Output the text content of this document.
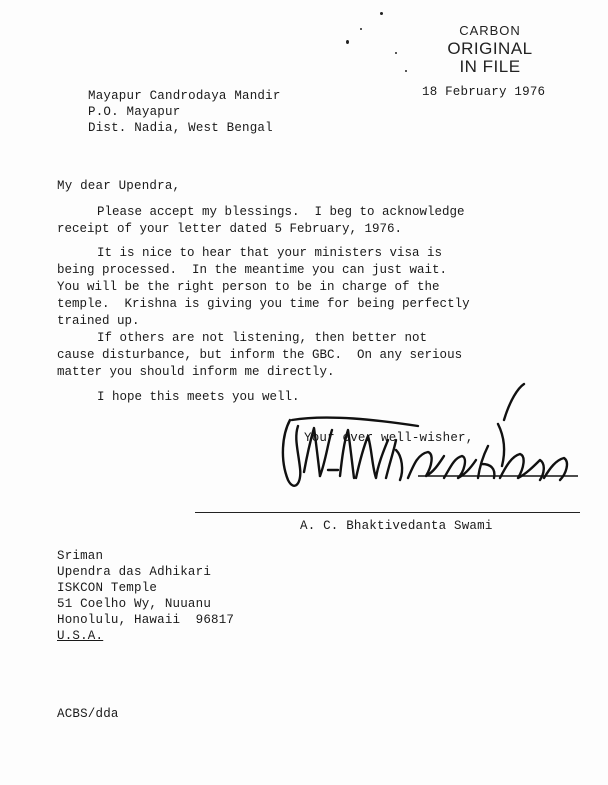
CARBON
ORIGINAL
IN FILE
Mayapur Candrodaya Mandir
P.O. Mayapur
Dist. Nadia, West Bengal
18 February 1976
My dear Upendra,
Please accept my blessings.  I beg to acknowledge
receipt of your letter dated 5 February, 1976.
It is nice to hear that your ministers visa is
being processed.  In the meantime you can just wait.
You will be the right person to be in charge of the
temple.  Krishna is giving you time for being perfectly
trained up.
If others are not listening, then better not
cause disturbance, but inform the GBC.  On any serious
matter you should inform me directly.
I hope this meets you well.
Your ever well-wisher,
A. C. Bhaktivedanta Swami
Sriman
Upendra das Adhikari
ISKCON Temple
51 Coelho Wy, Nuuanu
Honolulu, Hawaii  96817
U.S.A.
ACBS/dda
